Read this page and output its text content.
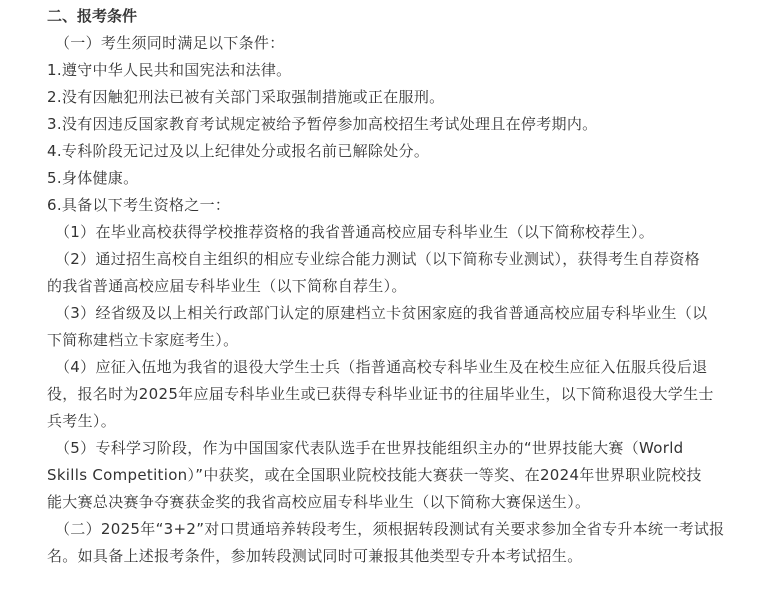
二、报考条件
（一）考生须同时满足以下条件：
1.遵守中华人民共和国宪法和法律。
2.没有因触犯刑法已被有关部门采取强制措施或正在服刑。
3.没有因违反国家教育考试规定被给予暂停参加高校招生考试处理且在停考期内。
4.专科阶段无记过及以上纪律处分或报名前已解除处分。
5.身体健康。
6.具备以下考生资格之一：
（1）在毕业高校获得学校推荐资格的我省普通高校应届专科毕业生（以下简称校荐生）。
（2）通过招生高校自主组织的相应专业综合能力测试（以下简称专业测试），获得考生自荐资格
的我省普通高校应届专科毕业生（以下简称自荐生）。
（3）经省级及以上相关行政部门认定的原建档立卡贫困家庭的我省普通高校应届专科毕业生（以
下简称建档立卡家庭考生）。
（4）应征入伍地为我省的退役大学生士兵（指普通高校专科毕业生及在校生应征入伍服兵役后退
役，报名时为2025年应届专科毕业生或已获得专科毕业证书的往届毕业生，以下简称退役大学生士
兵考生）。
（5）专科学习阶段，作为中国国家代表队选手在世界技能组织主办的“世界技能大赛（World
Skills Competition）”中获奖，或在全国职业院校技能大赛获一等奖、在2024年世界职业院校技
能大赛总决赛争夺赛获金奖的我省高校应届专科毕业生（以下简称大赛保送生）。
（二）2025年“3+2”对口贯通培养转段考生，须根据转段测试有关要求参加全省专升本统一考试报
名。如具备上述报考条件，参加转段测试同时可兼报其他类型专升本考试招生。
